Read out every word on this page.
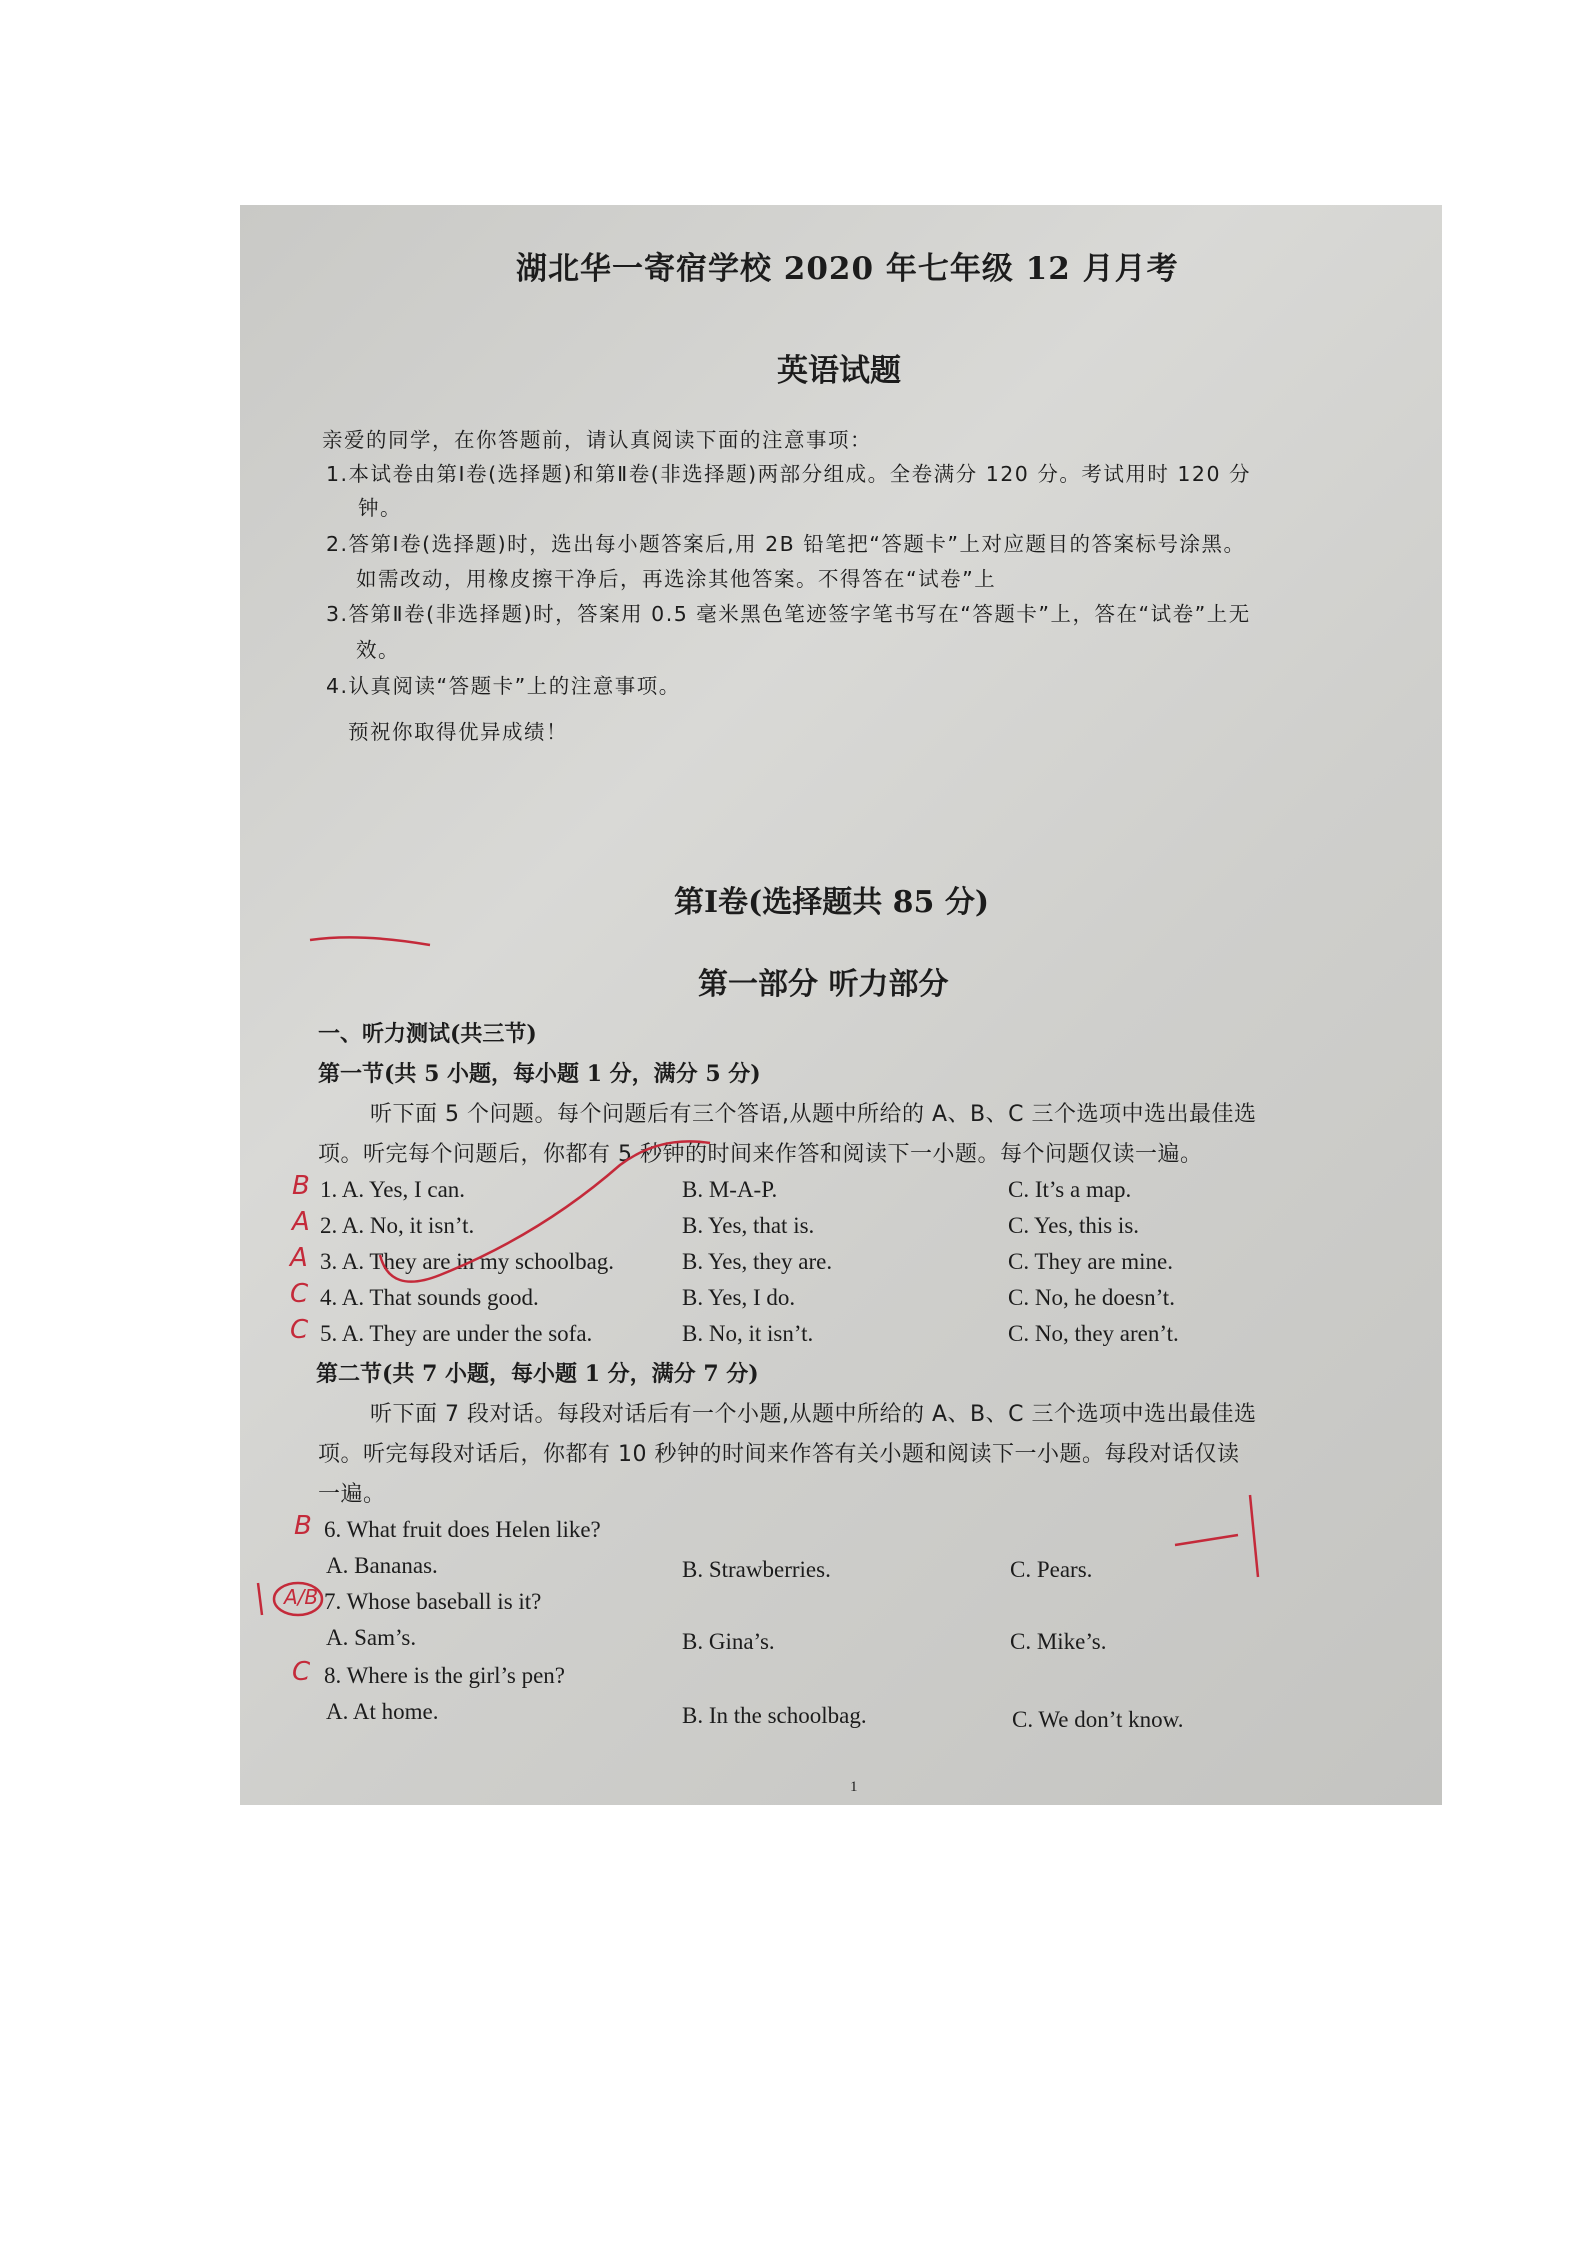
湖北华一寄宿学校 2020 年七年级 12 月月考
英语试题
亲爱的同学，在你答题前，请认真阅读下面的注意事项：
1.本试卷由第Ⅰ卷(选择题)和第Ⅱ卷(非选择题)两部分组成。全卷满分 120 分。考试用时 120 分
钟。
2.答第Ⅰ卷(选择题)时，选出每小题答案后,用 2B 铅笔把“答题卡”上对应题目的答案标号涂黑。
如需改动，用橡皮擦干净后，再选涂其他答案。不得答在“试卷”上
3.答第Ⅱ卷(非选择题)时，答案用 0.5 毫米黑色笔迹签字笔书写在“答题卡”上，答在“试卷”上无
效。
4.认真阅读“答题卡”上的注意事项。
预祝你取得优异成绩！
第Ⅰ卷(选择题共 85 分)
第一部分 听力部分
一、听力测试(共三节)
第一节(共 5 小题，每小题 1 分，满分 5 分)
听下面 5 个问题。每个问题后有三个答语,从题中所给的 A、B、C 三个选项中选出最佳选
项。听完每个问题后，你都有 5 秒钟的时间来作答和阅读下一小题。每个问题仅读一遍。
1. A. Yes, I can.	B. M-A-P.	C. It’s a map.
2. A. No, it isn’t.	B. Yes, that is.	C. Yes, this is.
3. A. They are in my schoolbag.	B. Yes, they are.	C. They are mine.
4. A. That sounds good.	B. Yes, I do.	C. No, he doesn’t.
5. A. They are under the sofa.	B. No, it isn’t.	C. No, they aren’t.
第二节(共 7 小题，每小题 1 分，满分 7 分)
听下面 7 段对话。每段对话后有一个小题,从题中所给的 A、B、C 三个选项中选出最佳选
项。听完每段对话后，你都有 10 秒钟的时间来作答有关小题和阅读下一小题。每段对话仅读
一遍。
6. What fruit does Helen like?
A. Bananas.	B. Strawberries.	C. Pears.
7. Whose baseball is it?
A. Sam’s.	B. Gina’s.	C. Mike’s.
8. Where is the girl’s pen?
A. At home.	B. In the schoolbag.	C. We don’t know.
1
B
A
A
C
C
B
A/B
C
